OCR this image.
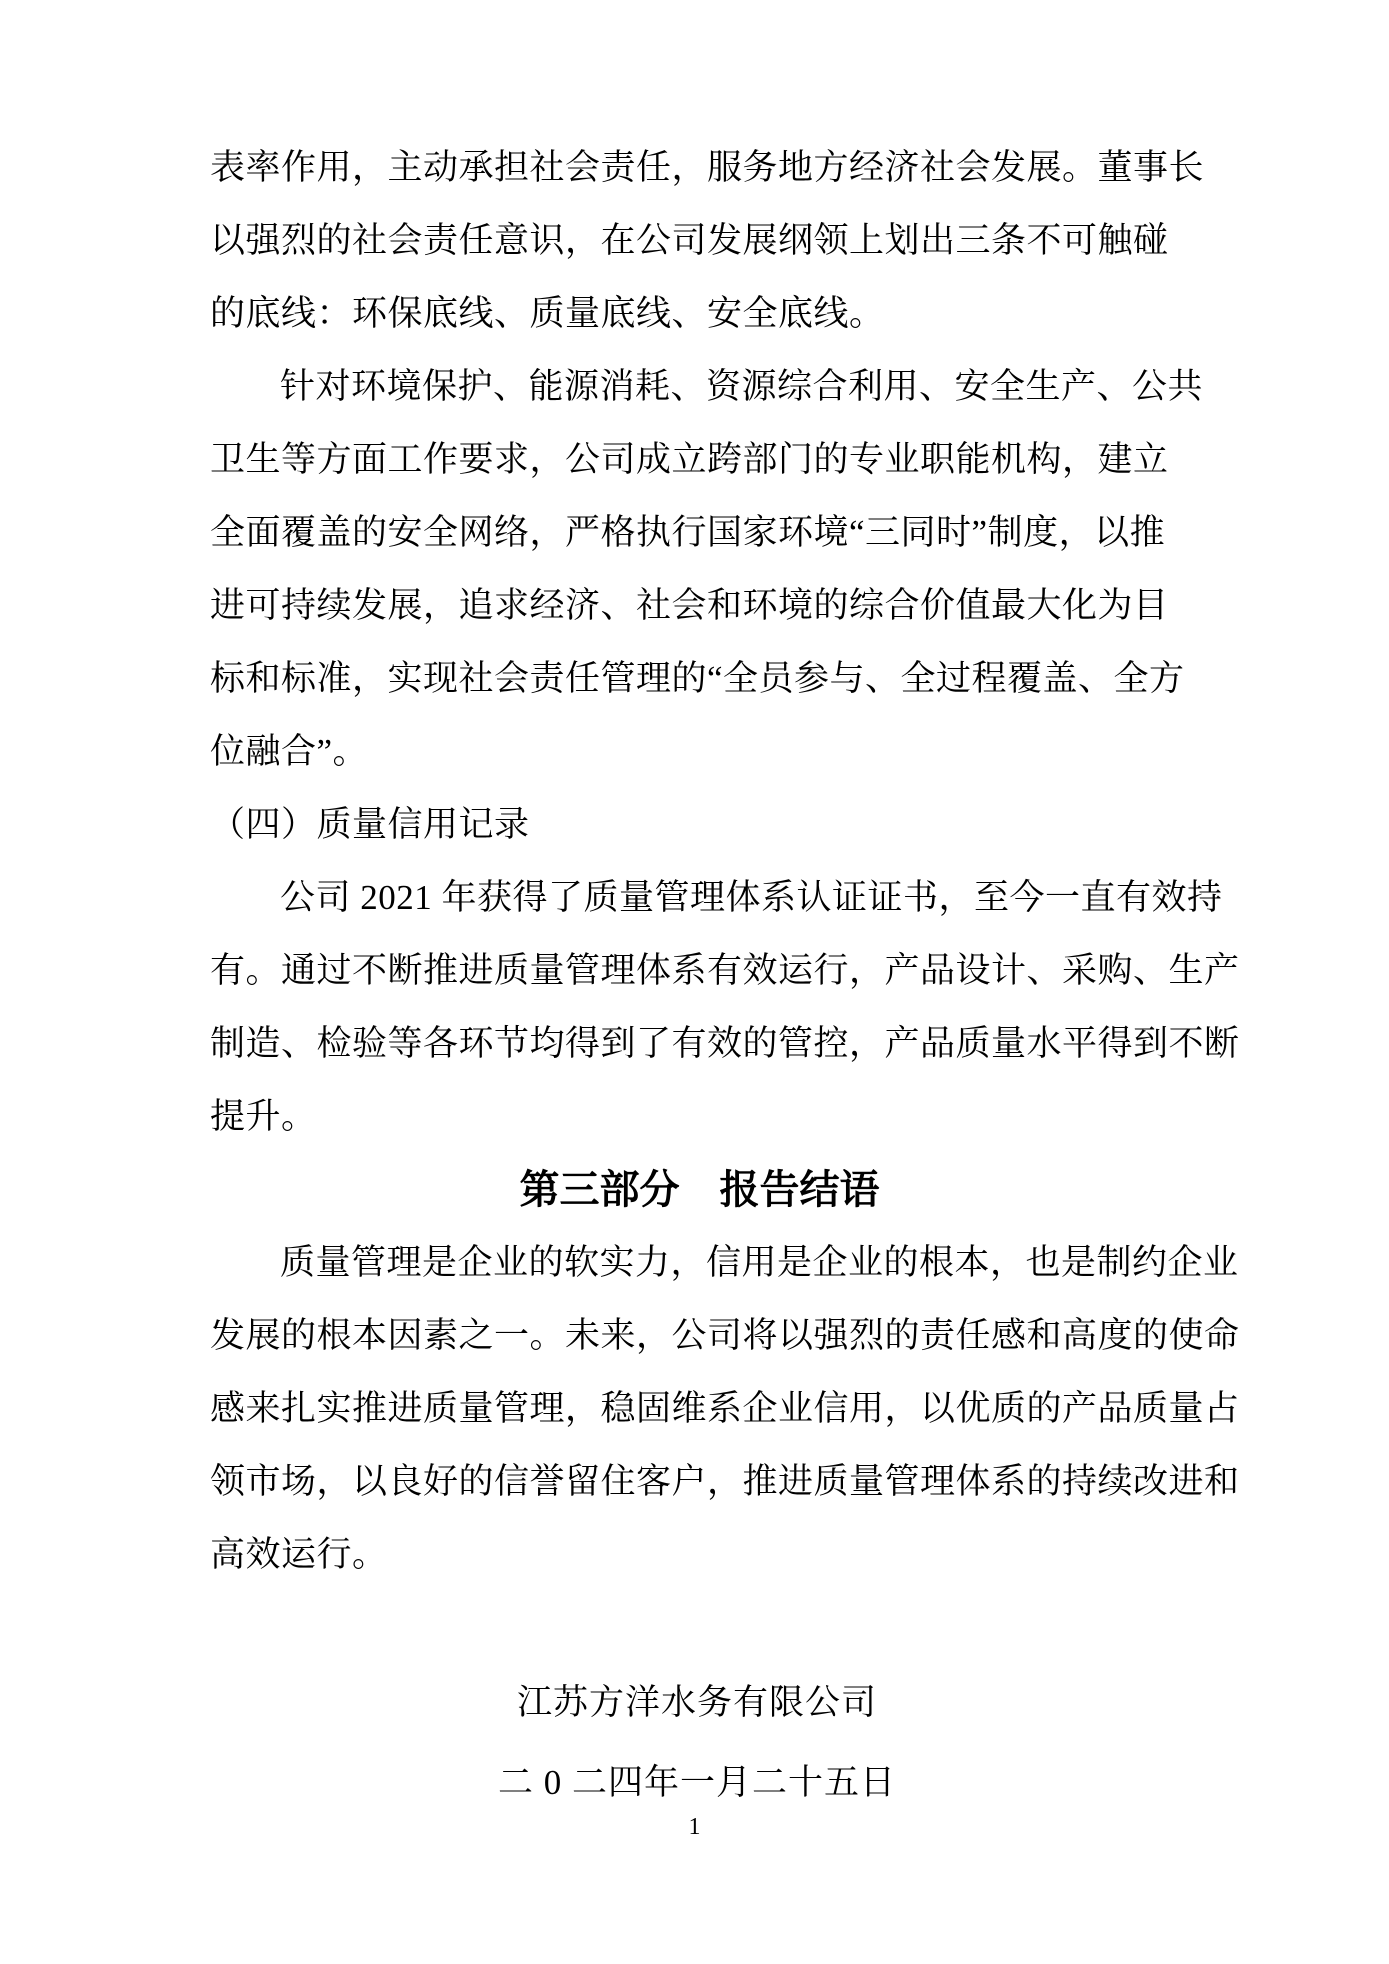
表率作用，主动承担社会责任，服务地方经济社会发展。董事长
以强烈的社会责任意识，在公司发展纲领上划出三条不可触碰
的底线：环保底线、质量底线、安全底线。
针对环境保护、能源消耗、资源综合利用、安全生产、公共
卫生等方面工作要求，公司成立跨部门的专业职能机构，建立
全面覆盖的安全网络，严格执行国家环境“三同时”制度，以推
进可持续发展，追求经济、社会和环境的综合价值最大化为目
标和标准，实现社会责任管理的“全员参与、全过程覆盖、全方
位融合”。
（四）质量信用记录
公司 2021 年获得了质量管理体系认证证书，至今一直有效持
有。通过不断推进质量管理体系有效运行，产品设计、采购、生产
制造、检验等各环节均得到了有效的管控，产品质量水平得到不断
提升。
第三部分　报告结语
质量管理是企业的软实力，信用是企业的根本，也是制约企业
发展的根本因素之一。未来，公司将以强烈的责任感和高度的使命
感来扎实推进质量管理，稳固维系企业信用，以优质的产品质量占
领市场，以良好的信誉留住客户，推进质量管理体系的持续改进和
高效运行。
江苏方洋水务有限公司
二 0 二四年一月二十五日
1
